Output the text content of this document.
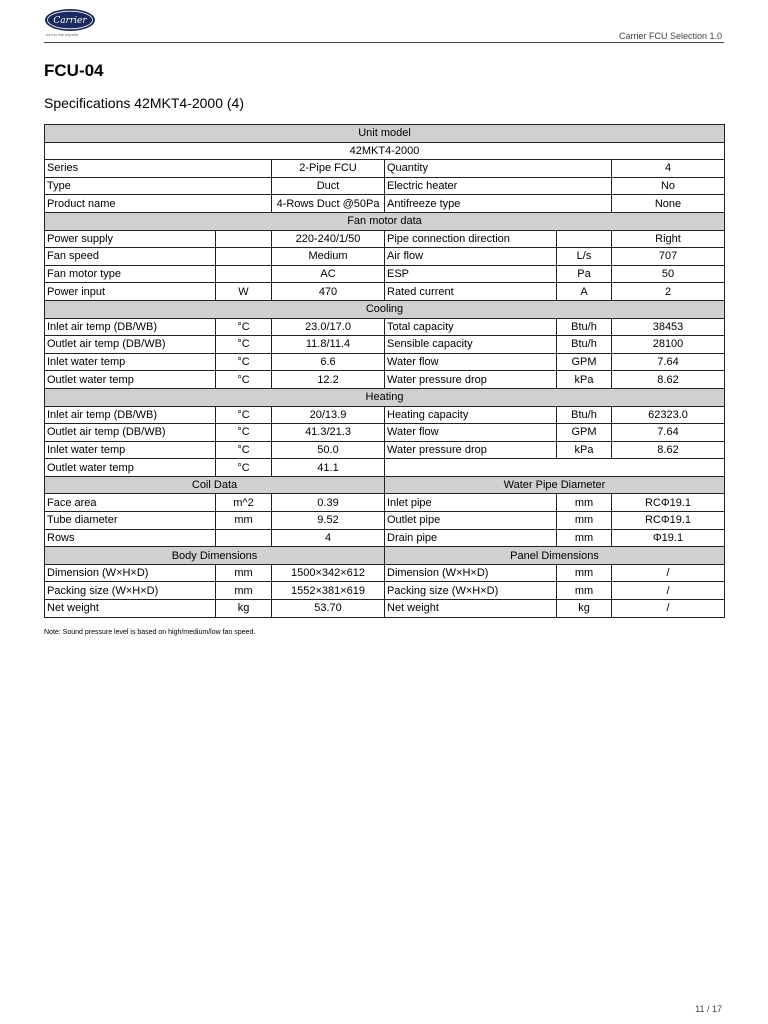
Carrier
turn to the experts	Carrier FCU Selection 1.0
FCU-04
Specifications 42MKT4-2000 (4)
Unit model					
42MKT4-2000					
Series		2-Pipe FCU	Quantity		4
Type		Duct	Electric heater		No
Product name		4-Rows Duct @50Pa	Antifreeze type		None
Fan motor data					
Power supply		220-240/1/50	Pipe connection direction		Right
Fan speed		Medium	Air flow	L/s	707
Fan motor type		AC	ESP	Pa	50
Power input	W	470	Rated current	A	2
Cooling					
Inlet air temp (DB/WB)	°C	23.0/17.0	Total capacity	Btu/h	38453
Outlet air temp (DB/WB)	°C	11.8/11.4	Sensible capacity	Btu/h	28100
Inlet water temp	°C	6.6	Water flow	GPM	7.64
Outlet water temp	°C	12.2	Water pressure drop	kPa	8.62
Heating					
Inlet air temp (DB/WB)	°C	20/13.9	Heating capacity	Btu/h	62323.0
Outlet air temp (DB/WB)	°C	41.3/21.3	Water flow	GPM	7.64
Inlet water temp	°C	50.0	Water pressure drop	kPa	8.62
Outlet water temp	°C	41.1			
Coil Data			Water Pipe Diameter		
Face area	m^2	0.39	Inlet pipe	mm	RCΦ19.1
Tube diameter	mm	9.52	Outlet pipe	mm	RCΦ19.1
Rows		4	Drain pipe	mm	Φ19.1
Body Dimensions			Panel Dimensions		
Dimension (W×H×D)	mm	1500×342×612	Dimension (W×H×D)	mm	/
Packing size (W×H×D)	mm	1552×381×619	Packing size (W×H×D)	mm	/
Net weight	kg	53.70	Net weight	kg	/
Note: Sound pressure level is based on high/medium/low fan speed.
11 / 17
